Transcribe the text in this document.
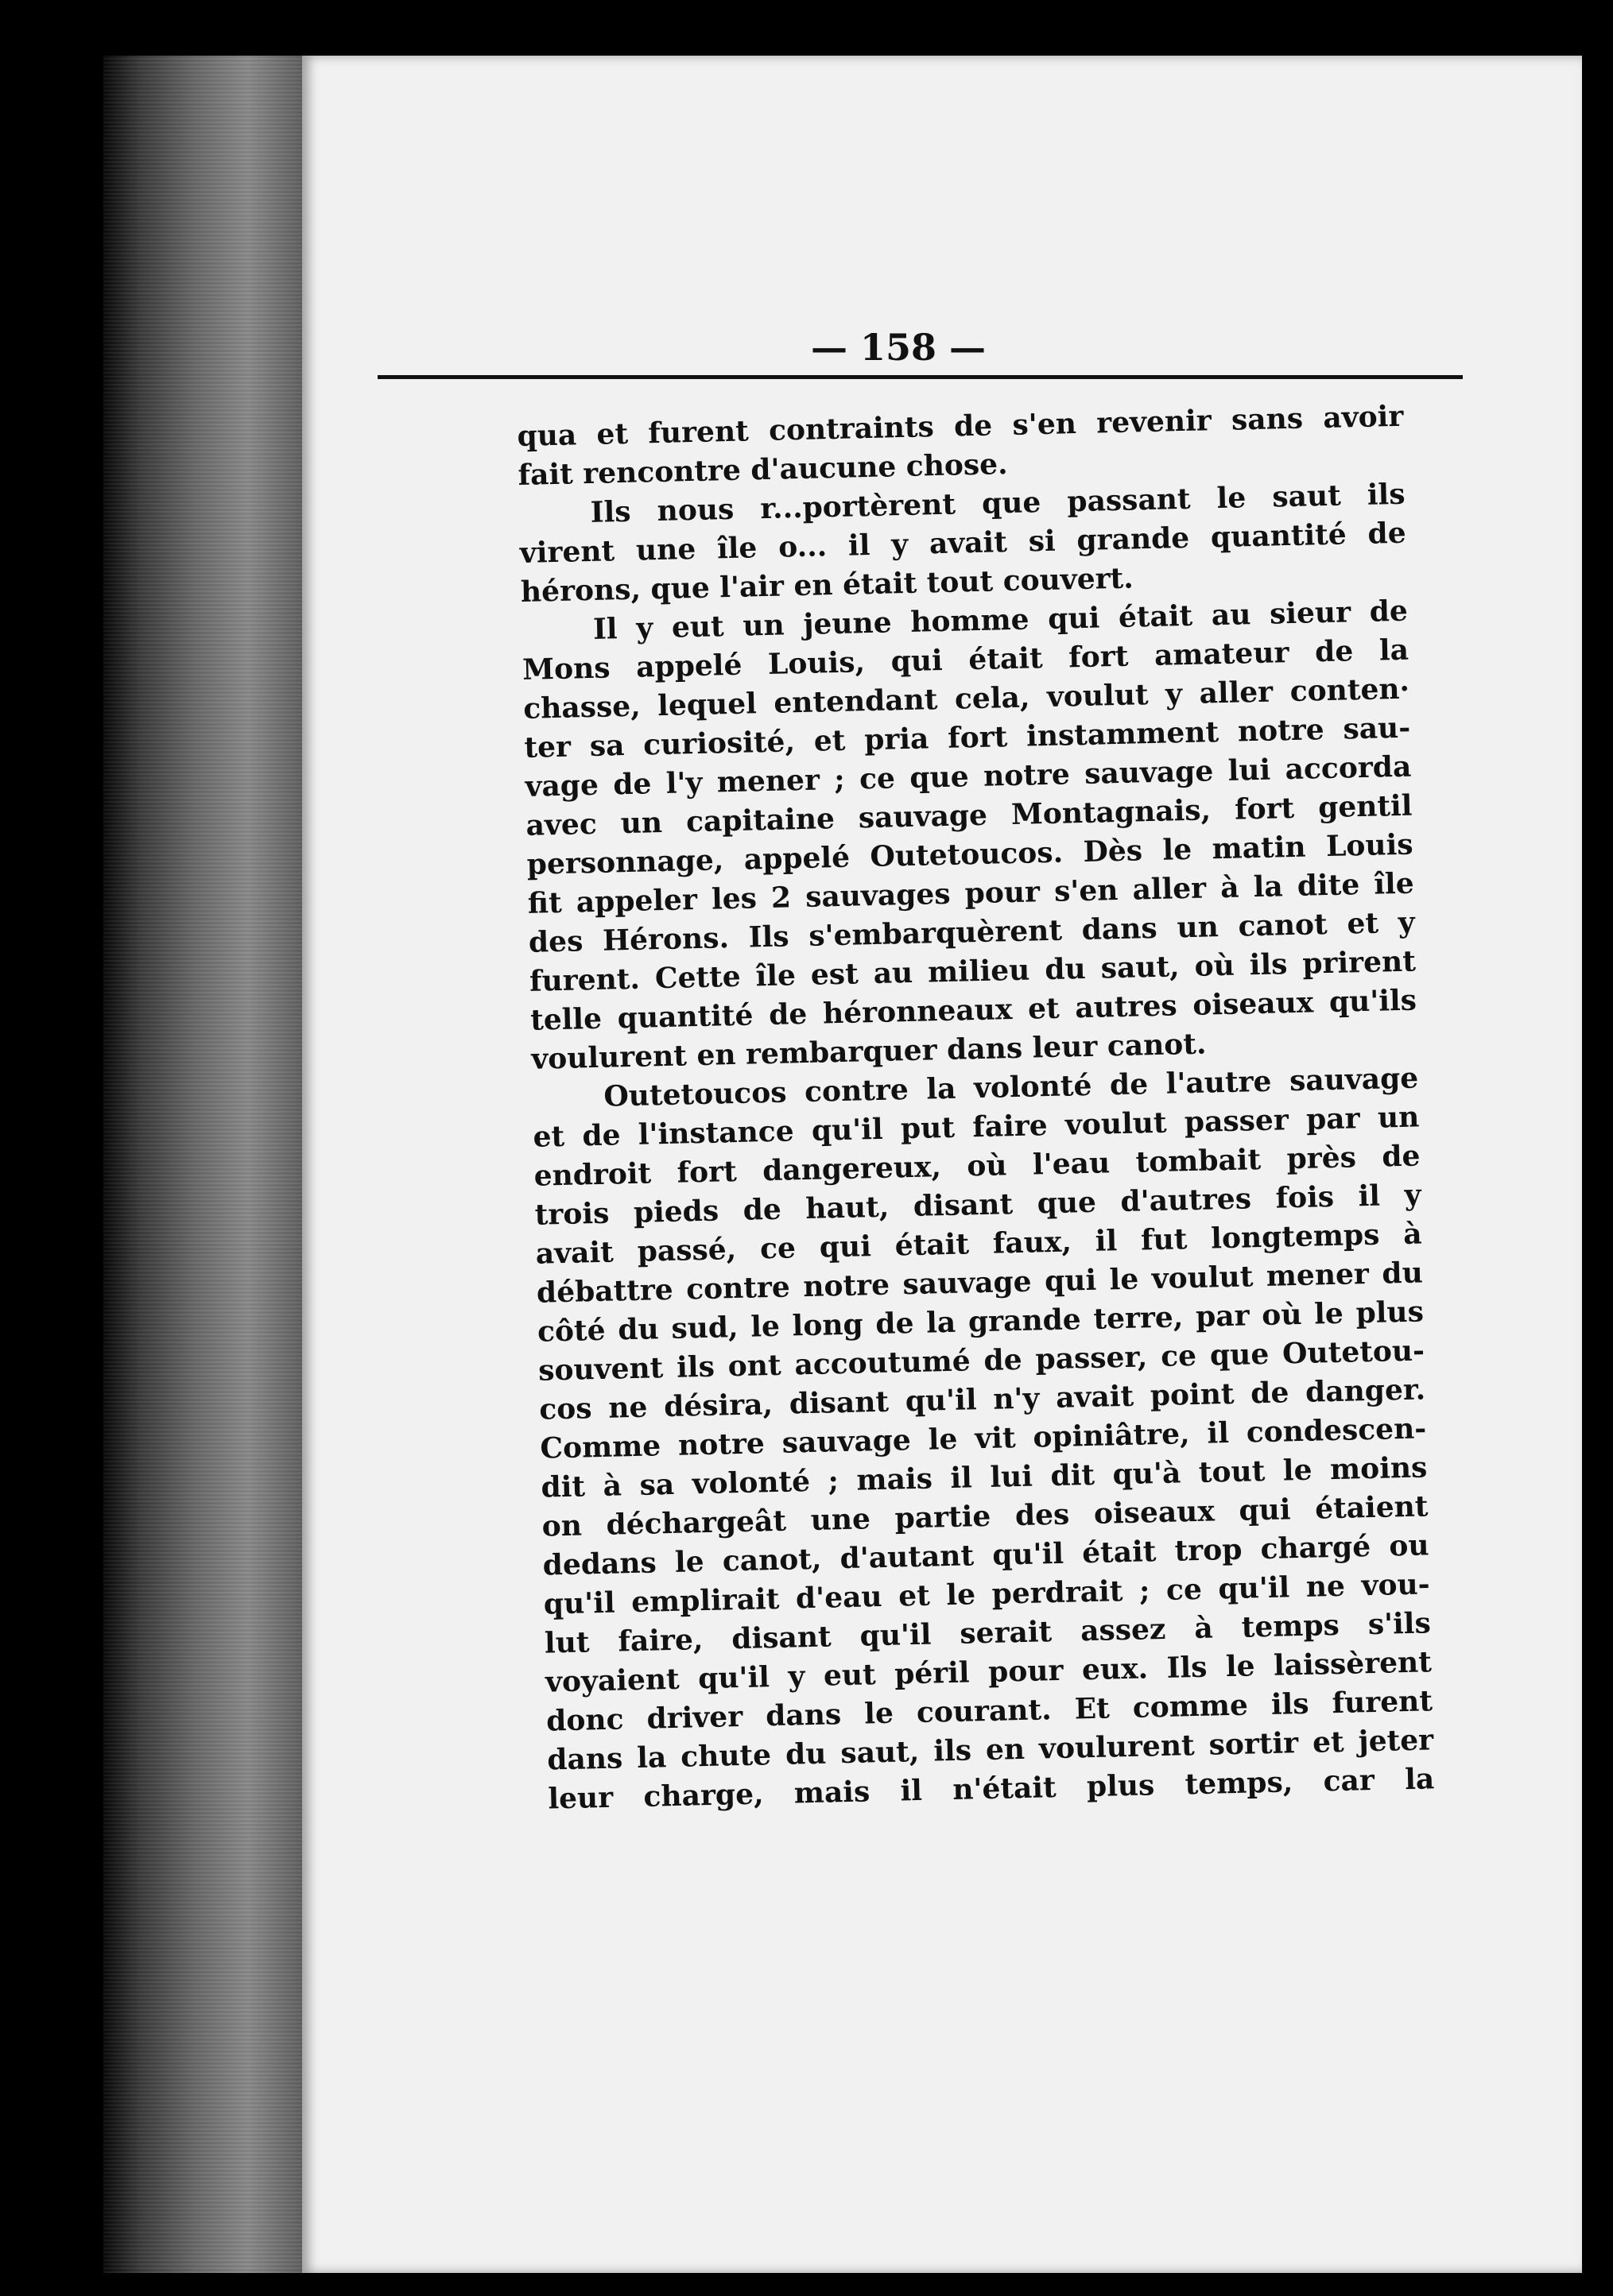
— 158 —
qua et furent contraints de s'en revenir sans avoir
fait rencontre d'aucune chose.
Ils nous r...portèrent que passant le saut ils
virent une île o... il y avait si grande quantité de
hérons, que l'air en était tout couvert.
Il y eut un jeune homme qui était au sieur de
Mons appelé Louis, qui était fort amateur de la
chasse, lequel entendant cela, voulut y aller conten·
ter sa curiosité, et pria fort instamment notre sau-
vage de l'y mener ; ce que notre sauvage lui accorda
avec un capitaine sauvage Montagnais, fort gentil
personnage, appelé Outetoucos. Dès le matin Louis
fit appeler les 2 sauvages pour s'en aller à la dite île
des Hérons. Ils s'embarquèrent dans un canot et y
furent. Cette île est au milieu du saut, où ils prirent
telle quantité de héronneaux et autres oiseaux qu'ils
voulurent en rembarquer dans leur canot.
Outetoucos contre la volonté de l'autre sauvage
et de l'instance qu'il put faire voulut passer par un
endroit fort dangereux, où l'eau tombait près de
trois pieds de haut, disant que d'autres fois il y
avait passé, ce qui était faux, il fut longtemps à
débattre contre notre sauvage qui le voulut mener du
côté du sud, le long de la grande terre, par où le plus
souvent ils ont accoutumé de passer, ce que Outetou-
cos ne désira, disant qu'il n'y avait point de danger.
Comme notre sauvage le vit opiniâtre, il condescen-
dit à sa volonté ; mais il lui dit qu'à tout le moins
on déchargeât une partie des oiseaux qui étaient
dedans le canot, d'autant qu'il était trop chargé ou
qu'il emplirait d'eau et le perdrait ; ce qu'il ne vou-
lut faire, disant qu'il serait assez à temps s'ils
voyaient qu'il y eut péril pour eux. Ils le laissèrent
donc driver dans le courant. Et comme ils furent
dans la chute du saut, ils en voulurent sortir et jeter
leur charge, mais il n'était plus temps, car la
